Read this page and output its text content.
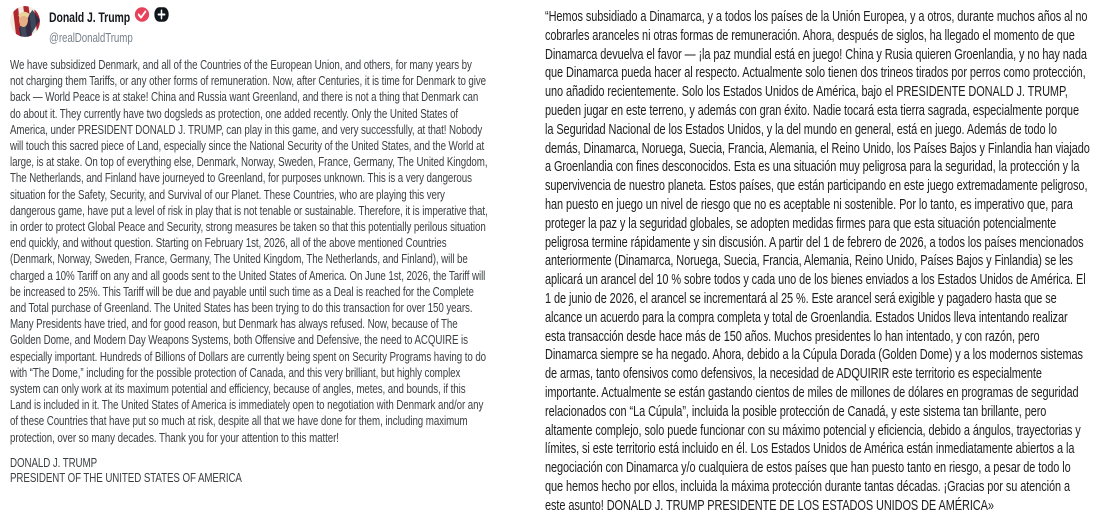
Donald J. Trump
@realDonaldTrump

We have subsidized Denmark, and all of the Countries of the European Union, and others, for many years by not charging them Tariffs, or any other forms of remuneration. Now, after Centuries, it is time for Denmark to give back — World Peace is at stake! China and Russia want Greenland, and there is not a thing that Denmark can do about it. They currently have two dogsleds as protection, one added recently. Only the United States of America, under PRESIDENT DONALD J. TRUMP, can play in this game, and very successfully, at that! Nobody will touch this sacred piece of Land, especially since the National Security of the United States, and the World at large, is at stake. On top of everything else, Denmark, Norway, Sweden, France, Germany, The United Kingdom, The Netherlands, and Finland have journeyed to Greenland, for purposes unknown. This is a very dangerous situation for the Safety, Security, and Survival of our Planet. These Countries, who are playing this very dangerous game, have put a level of risk in play that is not tenable or sustainable. Therefore, it is imperative that, in order to protect Global Peace and Security, strong measures be taken so that this potentially perilous situation end quickly, and without question. Starting on February 1st, 2026, all of the above mentioned Countries (Denmark, Norway, Sweden, France, Germany, The United Kingdom, The Netherlands, and Finland), will be charged a 10% Tariff on any and all goods sent to the United States of America. On June 1st, 2026, the Tariff will be increased to 25%. This Tariff will be due and payable until such time as a Deal is reached for the Complete and Total purchase of Greenland. The United States has been trying to do this transaction for over 150 years. Many Presidents have tried, and for good reason, but Denmark has always refused. Now, because of The Golden Dome, and Modern Day Weapons Systems, both Offensive and Defensive, the need to ACQUIRE is especially important. Hundreds of Billions of Dollars are currently being spent on Security Programs having to do with “The Dome,” including for the possible protection of Canada, and this very brilliant, but highly complex system can only work at its maximum potential and efficiency, because of angles, metes, and bounds, if this Land is included in it. The United States of America is immediately open to negotiation with Denmark and/or any of these Countries that have put so much at risk, despite all that we have done for them, including maximum protection, over so many decades. Thank you for your attention to this matter!

DONALD J. TRUMP

PRESIDENT OF THE UNITED STATES OF AMERICA

“Hemos subsidiado a Dinamarca, y a todos los países de la Unión Europea, y a otros, durante muchos años al no cobrarles aranceles ni otras formas de remuneración. Ahora, después de siglos, ha llegado el momento de que Dinamarca devuelva el favor — ¡la paz mundial está en juego! China y Rusia quieren Groenlandia, y no hay nada que Dinamarca pueda hacer al respecto. Actualmente solo tienen dos trineos tirados por perros como protección, uno añadido recientemente. Solo los Estados Unidos de América, bajo el PRESIDENTE DONALD J. TRUMP, pueden jugar en este terreno, y además con gran éxito. Nadie tocará esta tierra sagrada, especialmente porque la Seguridad Nacional de los Estados Unidos, y la del mundo en general, está en juego. Además de todo lo demás, Dinamarca, Noruega, Suecia, Francia, Alemania, el Reino Unido, los Países Bajos y Finlandia han viajado a Groenlandia con fines desconocidos. Esta es una situación muy peligrosa para la seguridad, la protección y la supervivencia de nuestro planeta. Estos países, que están participando en este juego extremadamente peligroso, han puesto en juego un nivel de riesgo que no es aceptable ni sostenible. Por lo tanto, es imperativo que, para proteger la paz y la seguridad globales, se adopten medidas firmes para que esta situación potencialmente peligrosa termine rápidamente y sin discusión. A partir del 1 de febrero de 2026, a todos los países mencionados anteriormente (Dinamarca, Noruega, Suecia, Francia, Alemania, Reino Unido, Países Bajos y Finlandia) se les aplicará un arancel del 10 % sobre todos y cada uno de los bienes enviados a los Estados Unidos de América. El 1 de junio de 2026, el arancel se incrementará al 25 %. Este arancel será exigible y pagadero hasta que se alcance un acuerdo para la compra completa y total de Groenlandia. Estados Unidos lleva intentando realizar esta transacción desde hace más de 150 años. Muchos presidentes lo han intentado, y con razón, pero Dinamarca siempre se ha negado. Ahora, debido a la Cúpula Dorada (Golden Dome) y a los modernos sistemas de armas, tanto ofensivos como defensivos, la necesidad de ADQUIRIR este territorio es especialmente importante. Actualmente se están gastando cientos de miles de millones de dólares en programas de seguridad relacionados con “La Cúpula”, incluida la posible protección de Canadá, y este sistema tan brillante, pero altamente complejo, solo puede funcionar con su máximo potencial y eficiencia, debido a ángulos, trayectorias y límites, si este territorio está incluido en él. Los Estados Unidos de América están inmediatamente abiertos a la negociación con Dinamarca y/o cualquiera de estos países que han puesto tanto en riesgo, a pesar de todo lo que hemos hecho por ellos, incluida la máxima protección durante tantas décadas. ¡Gracias por su atención a este asunto! DONALD J. TRUMP PRESIDENTE DE LOS ESTADOS UNIDOS DE AMÉRICA»
